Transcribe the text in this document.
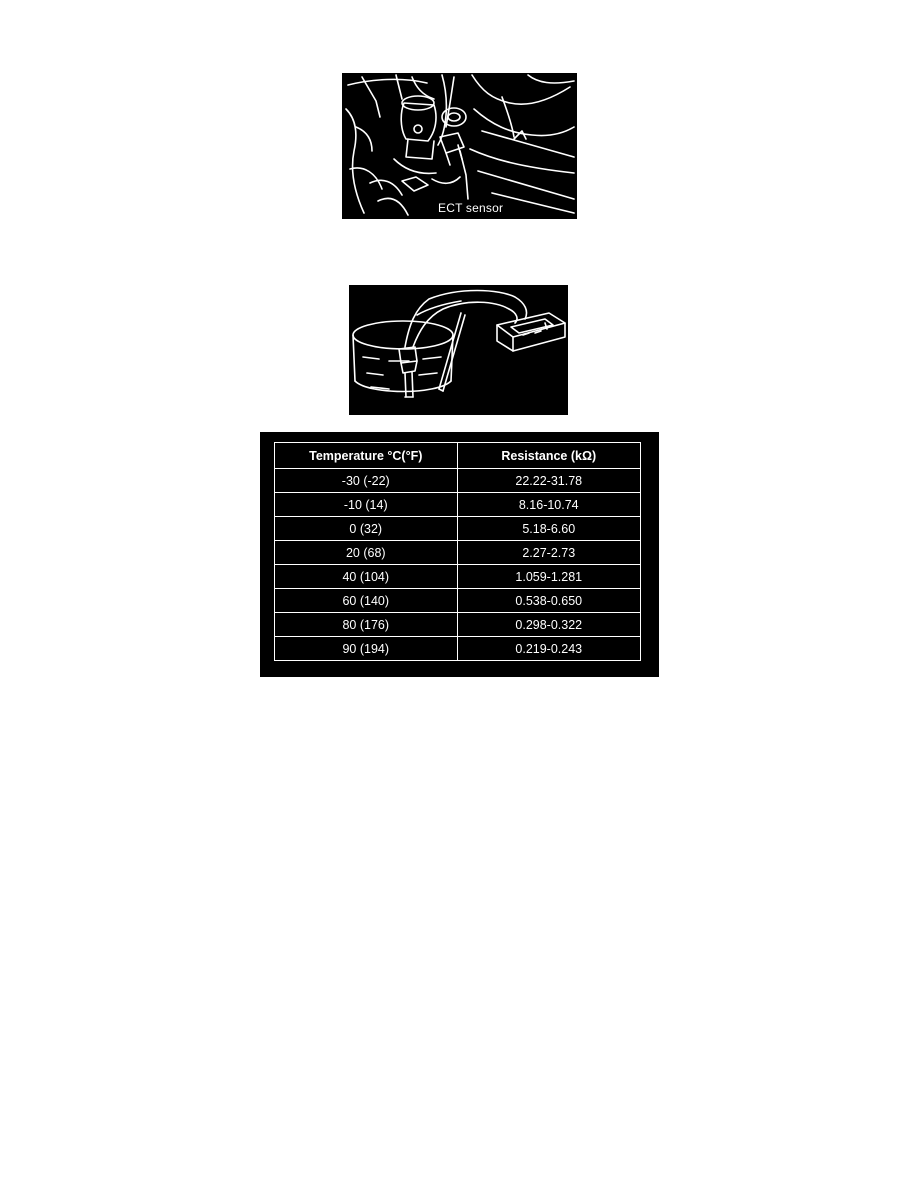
ECT sensor
Temperature °C(°F)	Resistance (kΩ)
-30 (-22)	22.22-31.78
-10 (14)	8.16-10.74
0 (32)	5.18-6.60
20 (68)	2.27-2.73
40 (104)	1.059-1.281
60 (140)	0.538-0.650
80 (176)	0.298-0.322
90 (194)	0.219-0.243
